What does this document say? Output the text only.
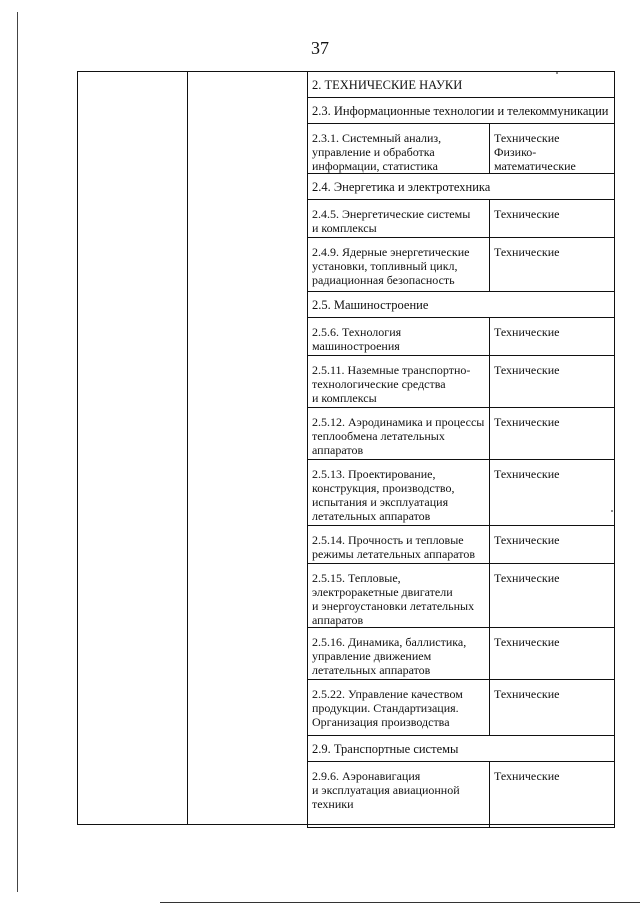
37
2. ТЕХНИЧЕСКИЕ НАУКИ
2.3. Информационные технологии и телекоммуникации
2.3.1. Системный анализ,
управление и обработка
информации, статистика
Технические
Физико-
математические
2.4. Энергетика и электротехника
2.4.5. Энергетические системы
и комплексы
Технические
2.4.9. Ядерные энергетические
установки, топливный цикл,
радиационная безопасность
Технические
2.5. Машиностроение
2.5.6. Технология
машиностроения
Технические
2.5.11. Наземные транспортно-
технологические средства
и комплексы
Технические
2.5.12. Аэродинамика и процессы
теплообмена летательных
аппаратов
Технические
2.5.13. Проектирование,
конструкция, производство,
испытания и эксплуатация
летательных аппаратов
Технические
2.5.14. Прочность и тепловые
режимы летательных аппаратов
Технические
2.5.15. Тепловые,
электроракетные двигатели
и энергоустановки летательных
аппаратов
Технические
2.5.16. Динамика, баллистика,
управление движением
летательных аппаратов
Технические
2.5.22. Управление качеством
продукции. Стандартизация.
Организация производства
Технические
2.9. Транспортные системы
2.9.6. Аэронавигация
и эксплуатация авиационной
техники
Технические
